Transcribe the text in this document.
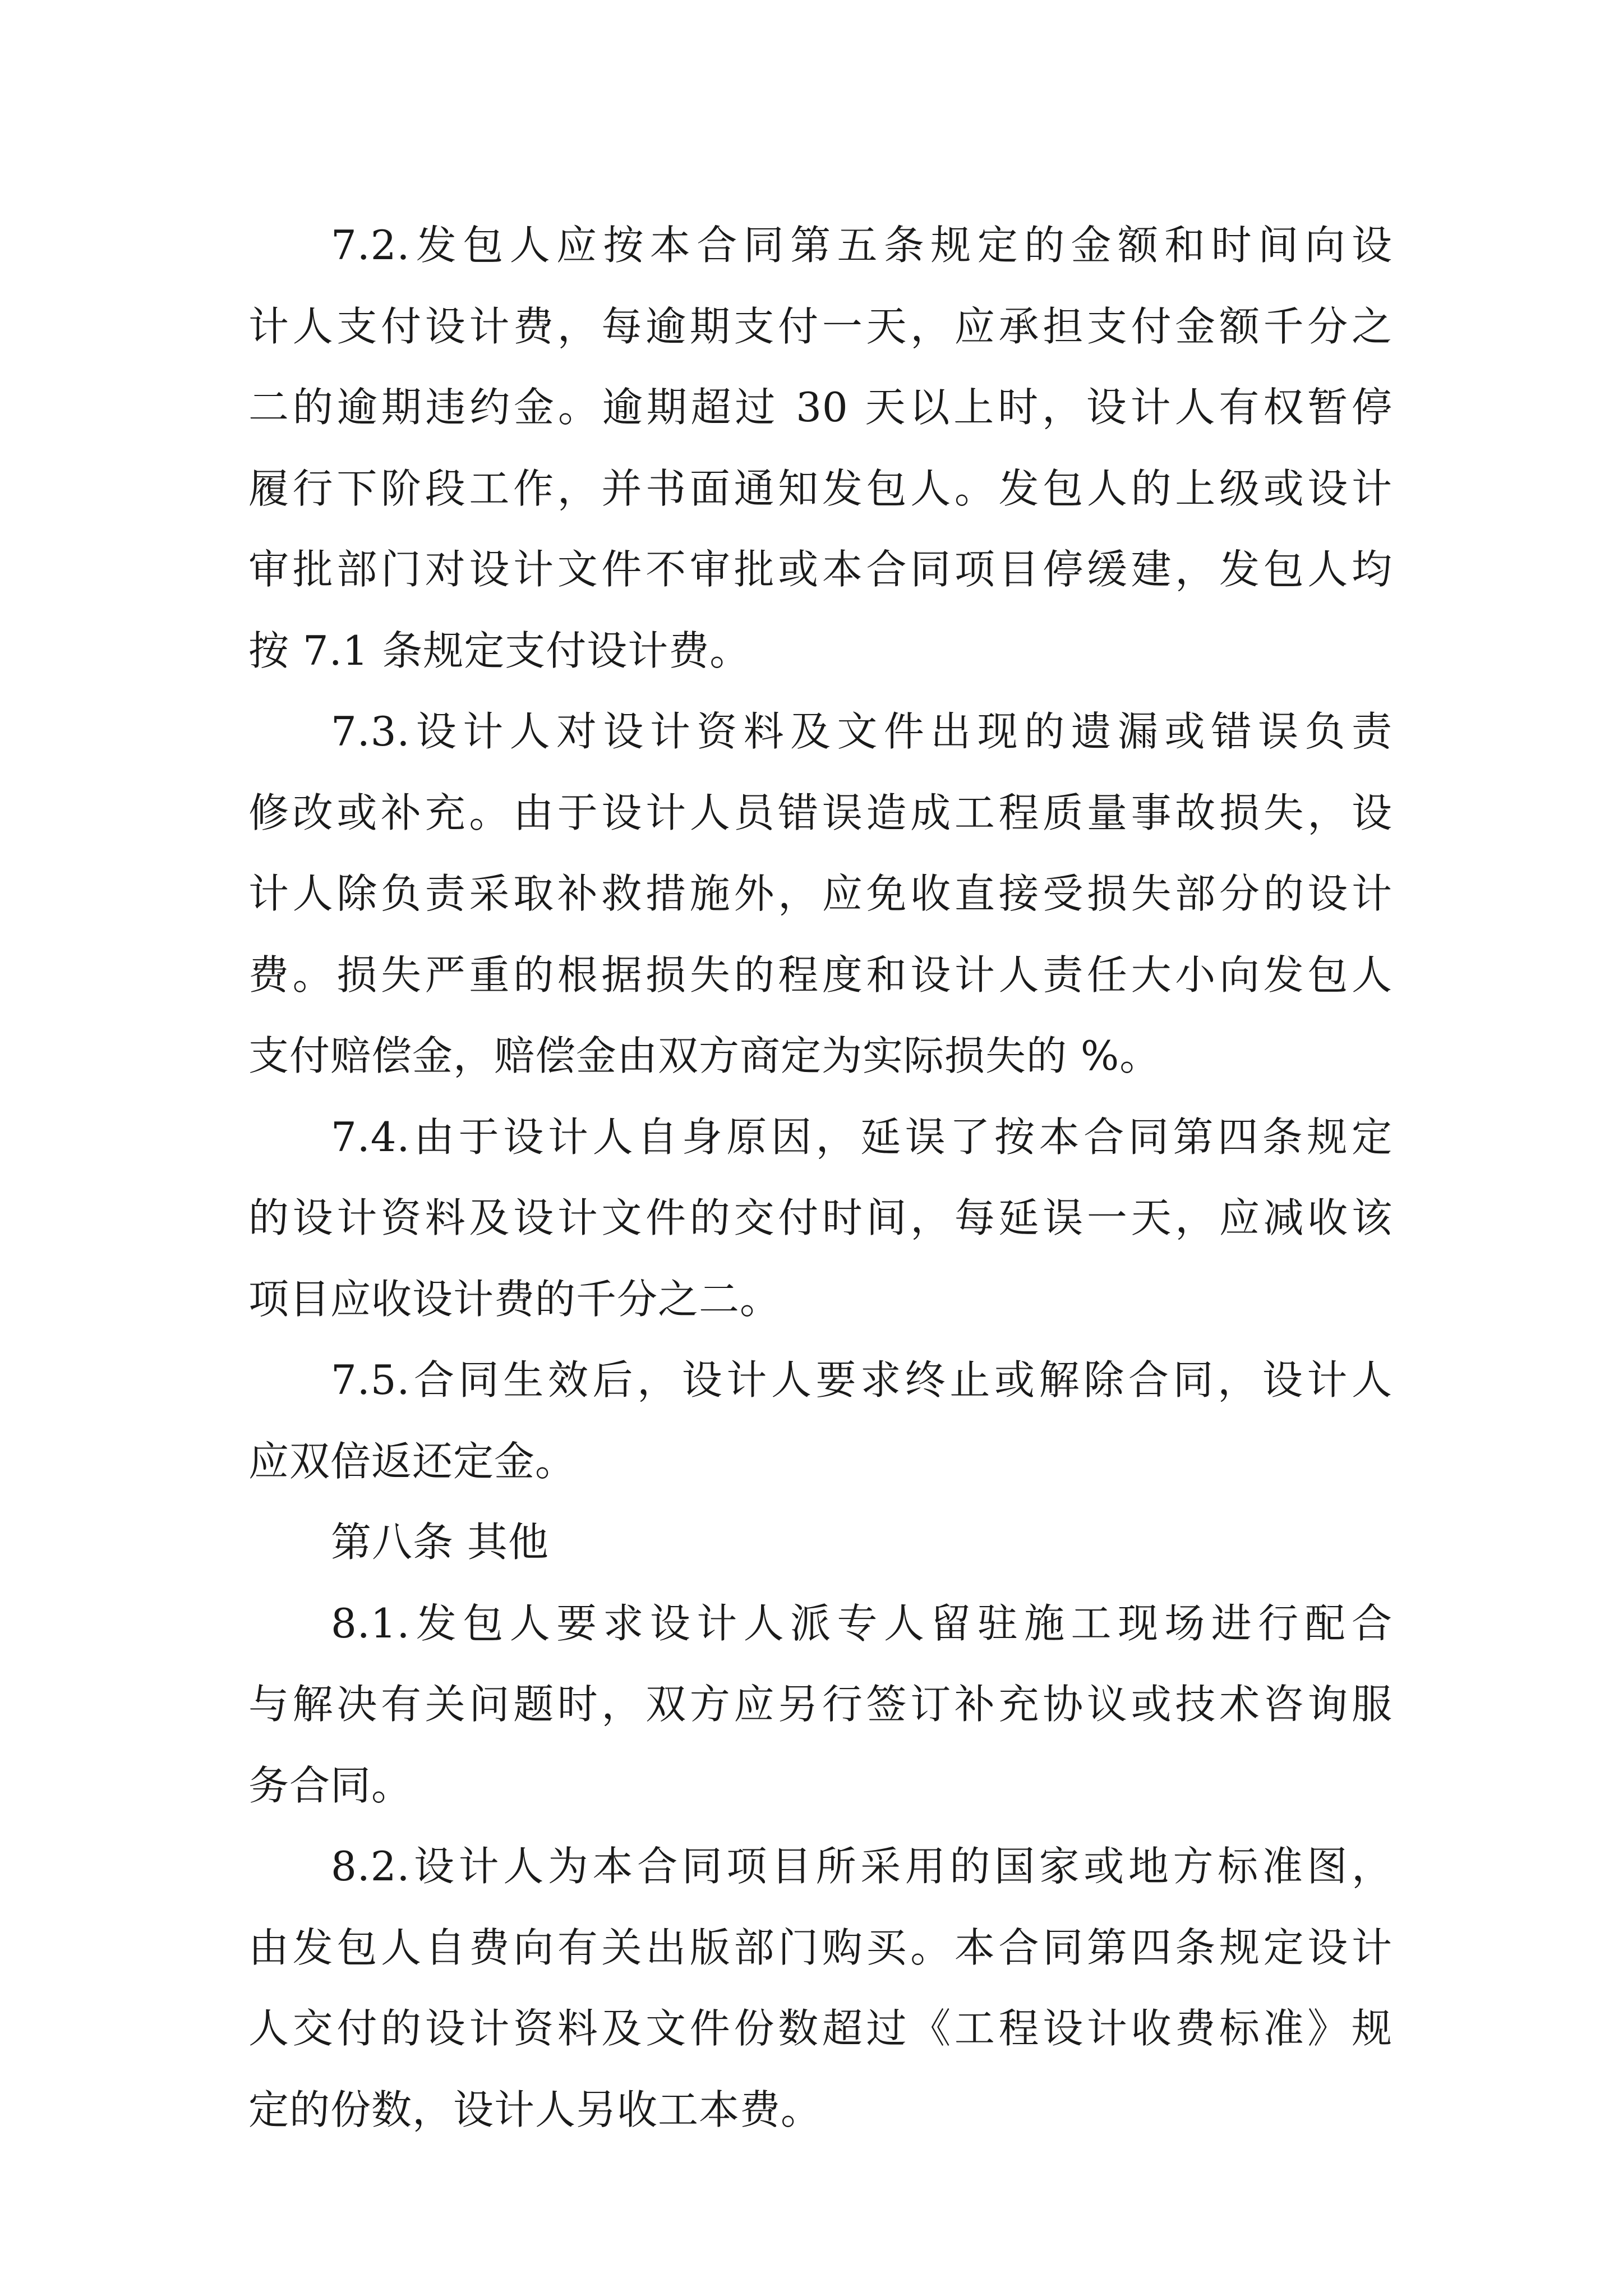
7.2.发包人应按本合同第五条规定的金额和时间向设
计人支付设计费，每逾期支付一天，应承担支付金额千分之
二的逾期违约金。逾期超过 30 天以上时，设计人有权暂停
履行下阶段工作，并书面通知发包人。发包人的上级或设计
审批部门对设计文件不审批或本合同项目停缓建，发包人均
按 7.1 条规定支付设计费。
7.3.设计人对设计资料及文件出现的遗漏或错误负责
修改或补充。由于设计人员错误造成工程质量事故损失，设
计人除负责采取补救措施外，应免收直接受损失部分的设计
费。损失严重的根据损失的程度和设计人责任大小向发包人
支付赔偿金，赔偿金由双方商定为实际损失的 %。
7.4.由于设计人自身原因，延误了按本合同第四条规定
的设计资料及设计文件的交付时间，每延误一天，应减收该
项目应收设计费的千分之二。
7.5.合同生效后，设计人要求终止或解除合同，设计人
应双倍返还定金。
第八条 其他
8.1.发包人要求设计人派专人留驻施工现场进行配合
与解决有关问题时，双方应另行签订补充协议或技术咨询服
务合同。
8.2.设计人为本合同项目所采用的国家或地方标准图，
由发包人自费向有关出版部门购买。本合同第四条规定设计
人交付的设计资料及文件份数超过《工程设计收费标准》规
定的份数，设计人另收工本费。
